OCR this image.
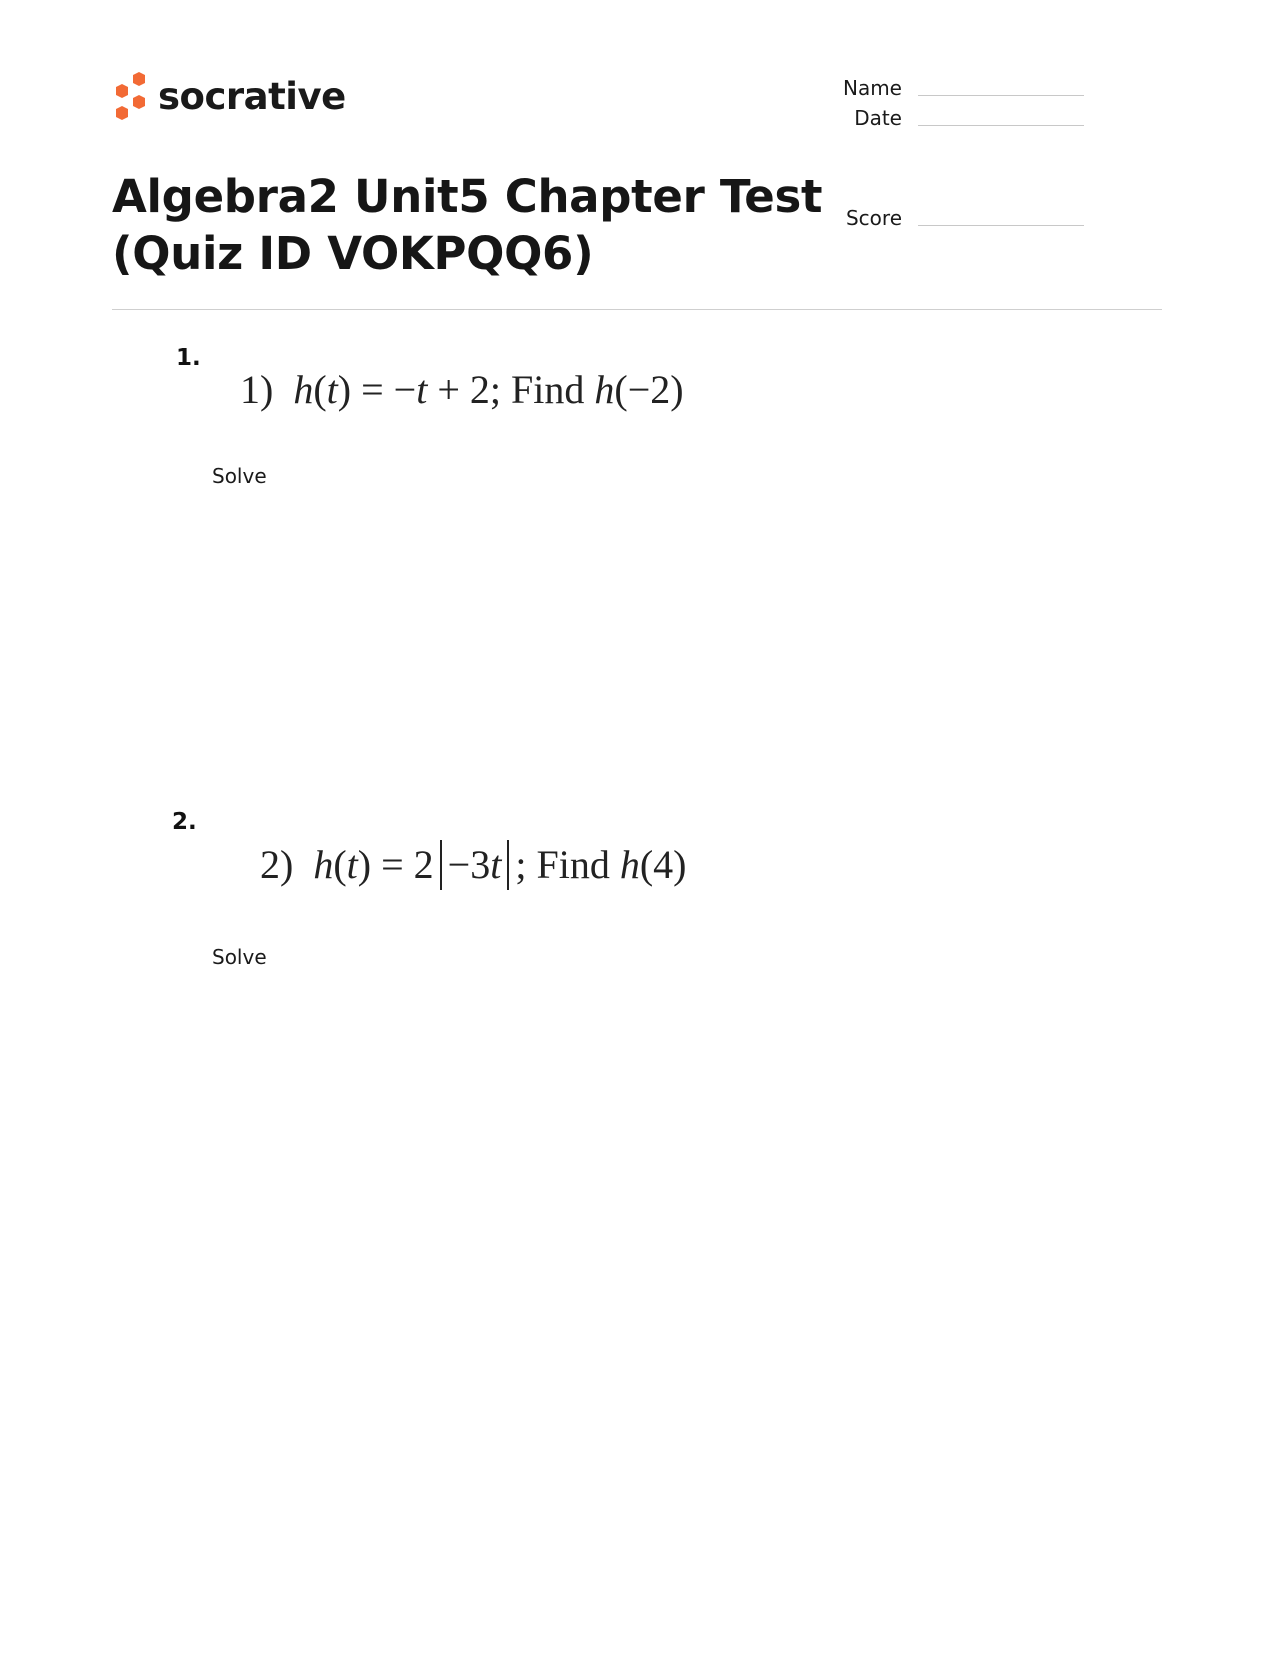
socrative
Algebra2 Unit5 Chapter Test (Quiz ID VOKPQQ6)
Name
Date
Score
1.
1) h(t) = −t + 2; Find h(−2)
Solve
2.
2) h(t) = 2 −3t ; Find h(4)
Solve
